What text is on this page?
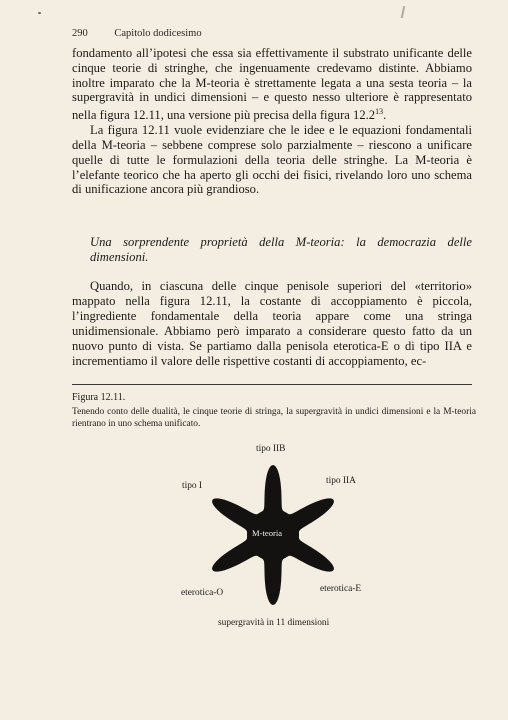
290	Capitolo dodicesimo

fondamento all’ipotesi che essa sia effettivamente il substrato unificante delle cinque teorie di stringhe, che ingenuamente credevamo distinte. Abbiamo inoltre imparato che la M-teoria è strettamente legata a una sesta teoria – la supergravità in undici dimensioni – e questo nesso ulteriore è rappresentato nella figura 12.11, una versione più precisa della figura 12.2$^{13}$.

La figura 12.11 vuole evidenziare che le idee e le equazioni fondamentali della M-teoria – sebbene comprese solo parzialmente – riescono a unificare quelle di tutte le formulazioni della teoria delle stringhe. La M-teoria è l’elefante teorico che ha aperto gli occhi dei fisici, rivelando loro uno schema di unificazione ancora più grandioso.

Una sorprendente proprietà della M-teoria: la democrazia delle dimensioni.

Quando, in ciascuna delle cinque penisole superiori del «territorio» mappato nella figura 12.11, la costante di accoppiamento è piccola, l’ingrediente fondamentale della teoria appare come una stringa unidimensionale. Abbiamo però imparato a considerare questo fatto da un nuovo punto di vista. Se partiamo dalla penisola eterotica-E o di tipo IIA e incrementiamo il valore delle rispettive costanti di accoppiamento, ec-

Figura 12.11.
Tenendo conto delle dualità, le cinque teorie di stringa, la supergravità in undici dimensioni e la M-teoria rientrano in uno schema unificato.
M-teoria
tipo IIB
tipo I	tipo IIA
eterotica-O	eterotica-E
supergravità in 11 dimensioni
